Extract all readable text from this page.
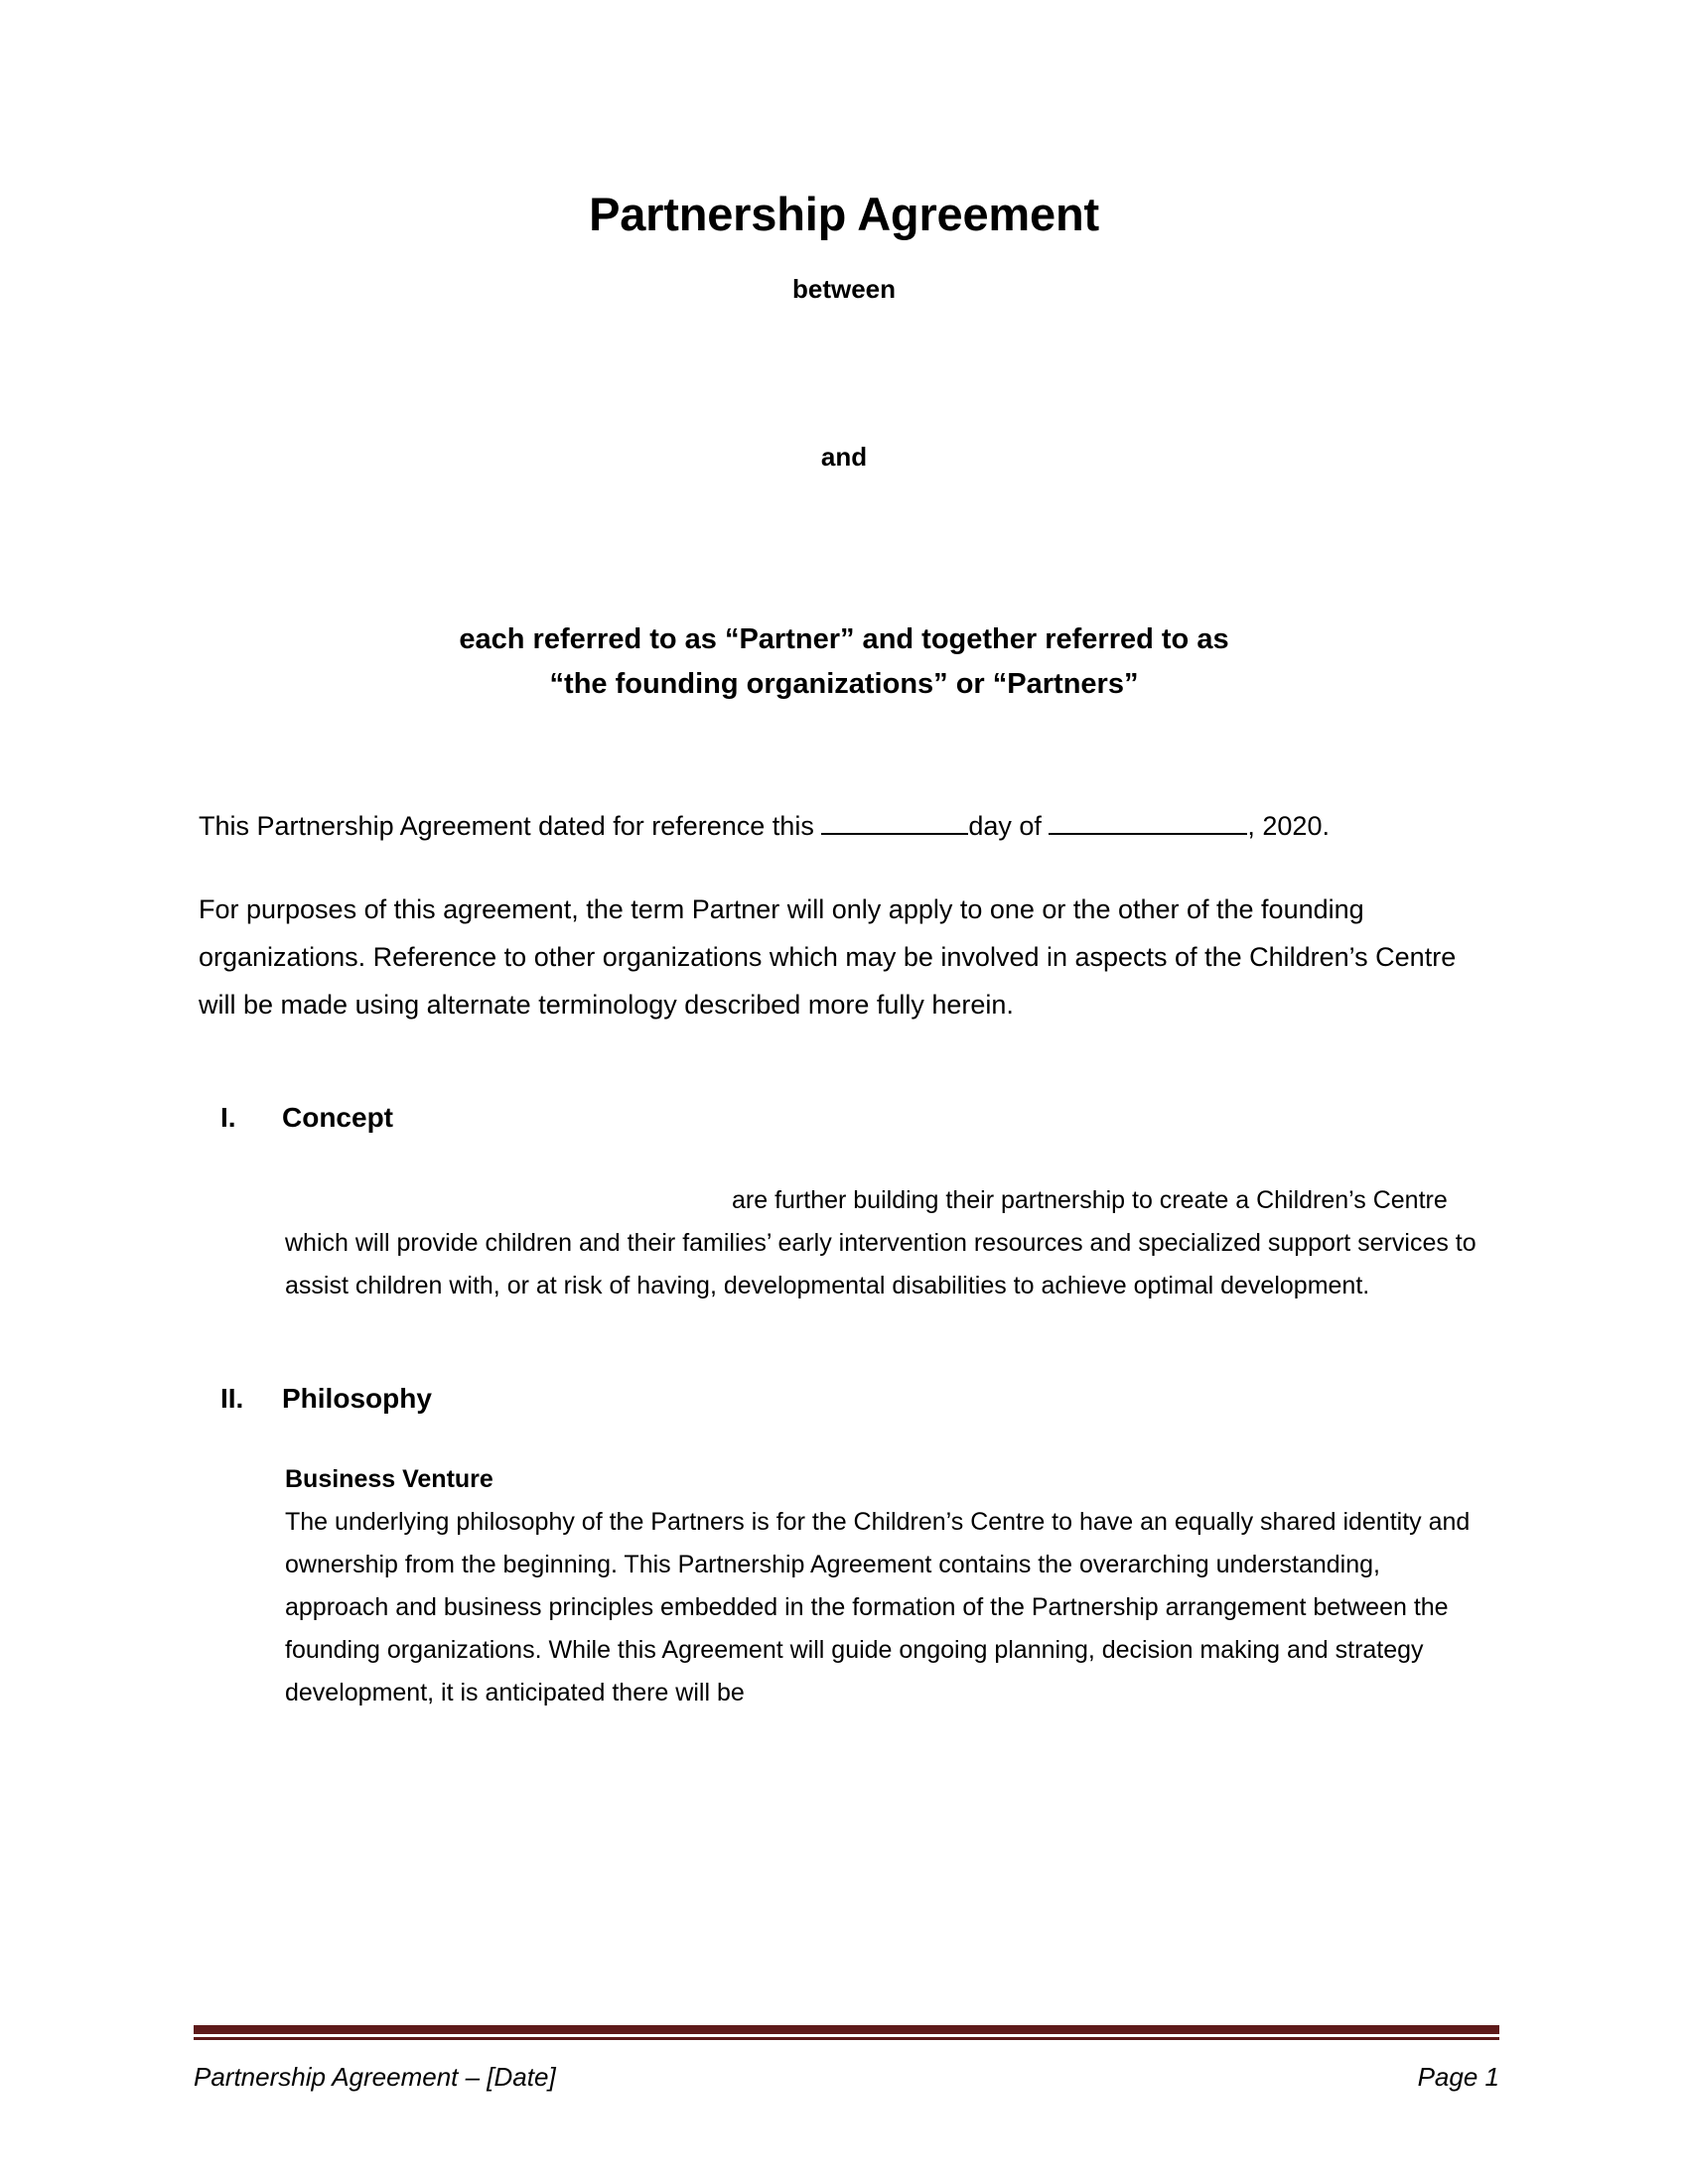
Partnership Agreement

between

and

each referred to as “Partner” and together referred to as

“the founding organizations” or “Partners”

This Partnership Agreement dated for reference this	day of	, 2020.

For purposes of this agreement, the term Partner will only apply to one or the other of the founding organizations. Reference to other organizations which may be involved in aspects of the Children’s Centre will be made using alternate terminology described more fully herein.

I.	Concept

are further building their partnership to create a Children’s Centre which will provide children and their families’ early intervention resources and specialized support services to assist children with, or at risk of having, developmental disabilities to achieve optimal development.

II.	Philosophy

Business Venture

The underlying philosophy of the Partners is for the Children’s Centre to have an equally shared identity and ownership from the beginning. This Partnership Agreement contains the overarching understanding, approach and business principles embedded in the formation of the Partnership arrangement between the founding organizations. While this Agreement will guide ongoing planning, decision making and strategy development, it is anticipated there will be

Partnership Agreement – [Date]	Page 1
